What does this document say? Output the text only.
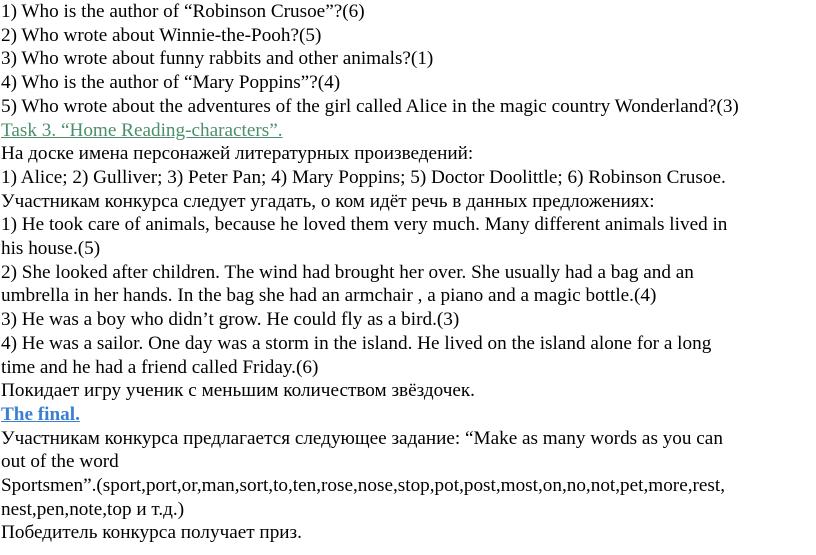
1) Who is the author of “Robinson Crusoe”?(6)
2) Who wrote about Winnie-the-Pooh?(5)
3) Who wrote about funny rabbits and other animals?(1)
4) Who is the author of “Mary Poppins”?(4)
5) Who wrote about the adventures of the girl called Alice in the magic country Wonderland?(3)
Task 3. “Home Reading-characters”.
На доске имена персонажей литературных произведений:
1) Alice; 2) Gulliver; 3) Peter Pan; 4) Mary Poppins; 5) Doctor Doolittle; 6) Robinson Crusoe.
Участникам конкурса следует угадать, о ком идёт речь в данных предложениях:
1) He took care of animals, because he loved them very much. Many different animals lived in
his house.(5)
2) She looked after children. The wind had brought her over. She usually had a bag and an
umbrella in her hands. In the bag she had an armchair , a piano and a magic bottle.(4)
3) He was a boy who didn’t grow. He could fly as a bird.(3)
4) He was a sailor. One day was a storm in the island. He lived on the island alone for a long
time and he had a friend called Friday.(6)
Покидает игру ученик с меньшим количеством звёздочек.
The final.
Участникам конкурса предлагается следующее задание: “Make as many words as you can
out of the word
Sportsmen”.(sport,port,or,man,sort,to,ten,rose,nose,stop,pot,post,most,on,no,not,pet,more,rest,
nest,pen,note,top и т.д.)
Победитель конкурса получает приз.
